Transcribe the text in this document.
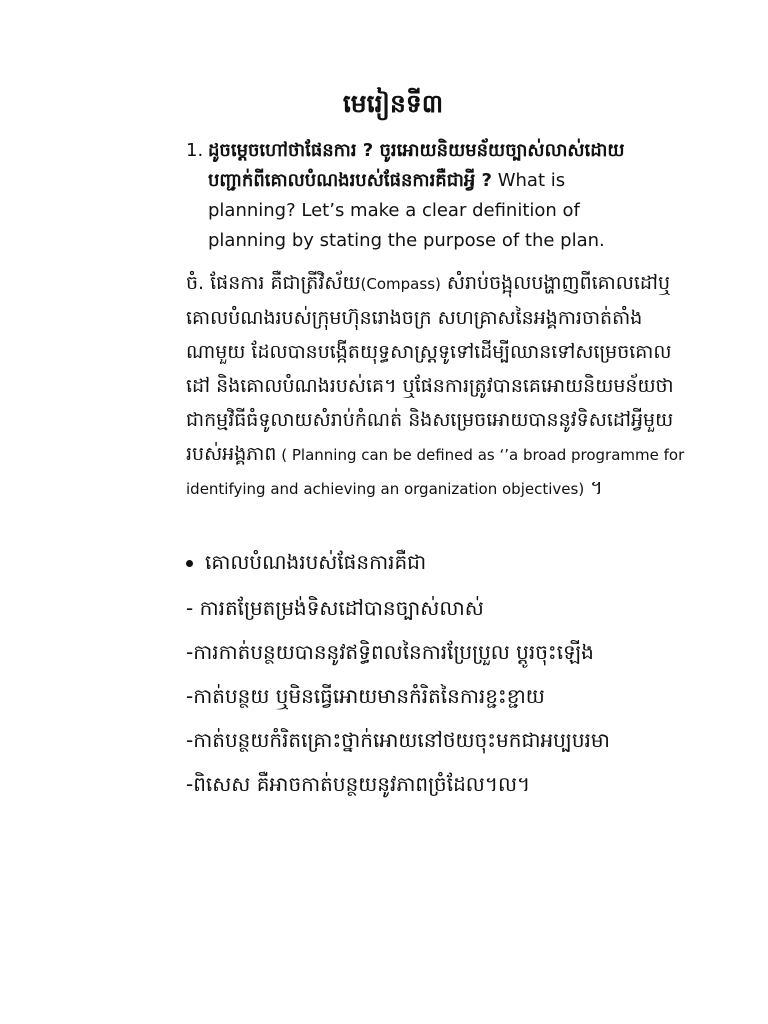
មេរៀនទី៣
1. ដូចម្តេចហៅថាផែនការ ? ចូរអោយនិយមន័យច្បាស់លាស់ដោយបញ្ជាក់ពីគោលបំណងរបស់ផែនការគឺជាអ្វី ? What is planning? Let’s make a clear definition of planning by stating the purpose of the plan.
ចំ. ផែនការ គឺជាត្រីវិស័យ(Compass) សំរាប់ចង្អុលបង្ហាញពីគោលដៅឬគោលបំណងរបស់ក្រុមហ៊ុនរោងចក្រ សហគ្រាសនៃអង្គការចាត់តាំងណាមួយ ដែលបានបង្កើតយុទ្ធសាស្ត្រទូទៅដើម្បីឈានទៅសម្រេចគោល ដៅ និងគោលបំណងរបស់គេ។ ឬផែនការត្រូវបានគេអោយនិយមន័យថា ជាកម្មវិធីធំទូលាយសំរាប់កំណត់ និងសម្រេចអោយបាននូវទិសដៅអ្វីមួយ របស់អង្គភាព ( Planning can be defined as ‘’a broad programme for identifying and achieving an organization objectives) ។
គោលបំណងរបស់ផែនការគឺជា
- ការតម្រែតម្រង់ទិសដៅបានច្បាស់លាស់
-ការកាត់បន្ថយបាននូវឥទ្ធិពលនៃការប្រែប្រួល ប្តូរចុះឡើង
-កាត់បន្ថយ ឬមិនធ្វើអោយមានកំរិតនៃការខ្ជះខ្ជាយ
-កាត់បន្ថយកំរិតគ្រោះថ្នាក់អោយនៅថយចុះមកជាអប្បបរមា
-ពិសេស គឺអាចកាត់បន្ថយនូវភាពច្រំដែល។ល។
